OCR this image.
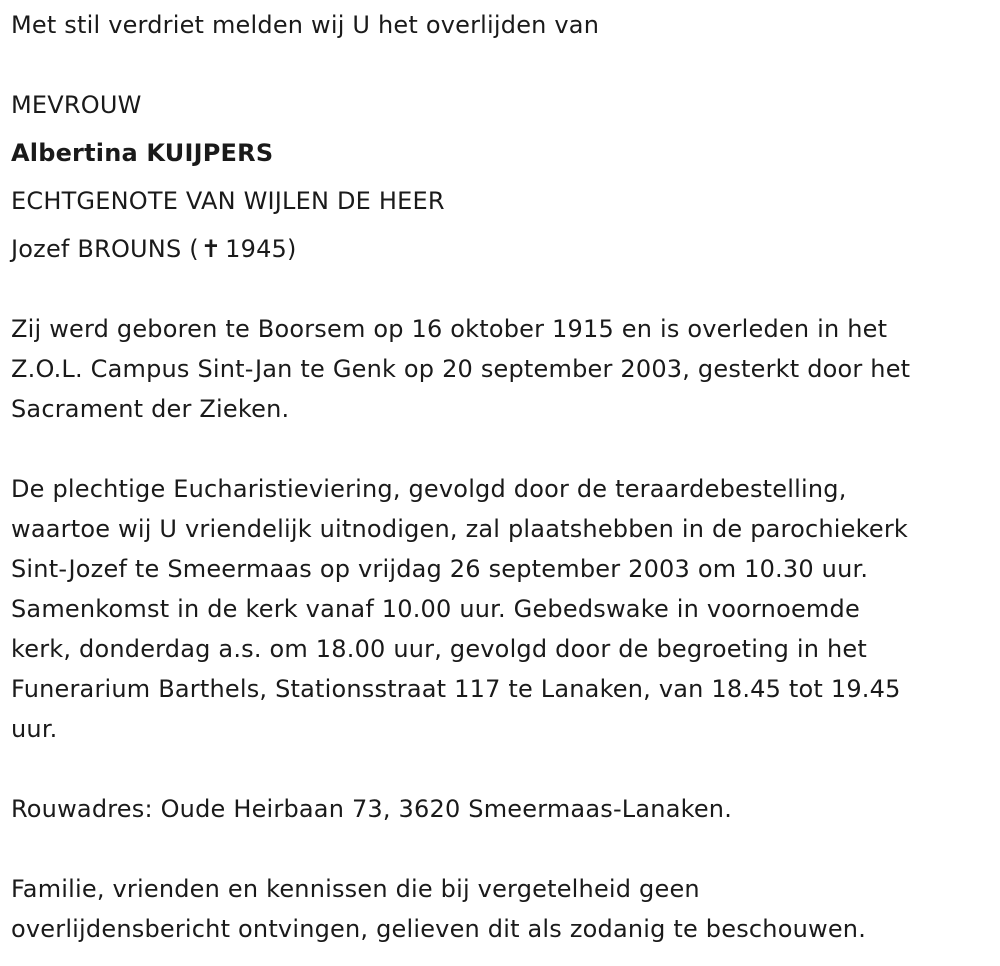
Met stil verdriet melden wij U het overlijden van
MEVROUW
Albertina KUIJPERS
ECHTGENOTE VAN WIJLEN DE HEER
Jozef BROUNS (✝ 1945)
Zij werd geboren te Boorsem op 16 oktober 1915 en is overleden in het
Z.O.L. Campus Sint-Jan te Genk op 20 september 2003, gesterkt door het
Sacrament der Zieken.
De plechtige Eucharistieviering, gevolgd door de teraardebestelling,
waartoe wij U vriendelijk uitnodigen, zal plaatshebben in de parochiekerk
Sint-Jozef te Smeermaas op vrijdag 26 september 2003 om 10.30 uur.
Samenkomst in de kerk vanaf 10.00 uur. Gebedswake in voornoemde
kerk, donderdag a.s. om 18.00 uur, gevolgd door de begroeting in het
Funerarium Barthels, Stationsstraat 117 te Lanaken, van 18.45 tot 19.45
uur.
Rouwadres: Oude Heirbaan 73, 3620 Smeermaas-Lanaken.
Familie, vrienden en kennissen die bij vergetelheid geen
overlijdensbericht ontvingen, gelieven dit als zodanig te beschouwen.
